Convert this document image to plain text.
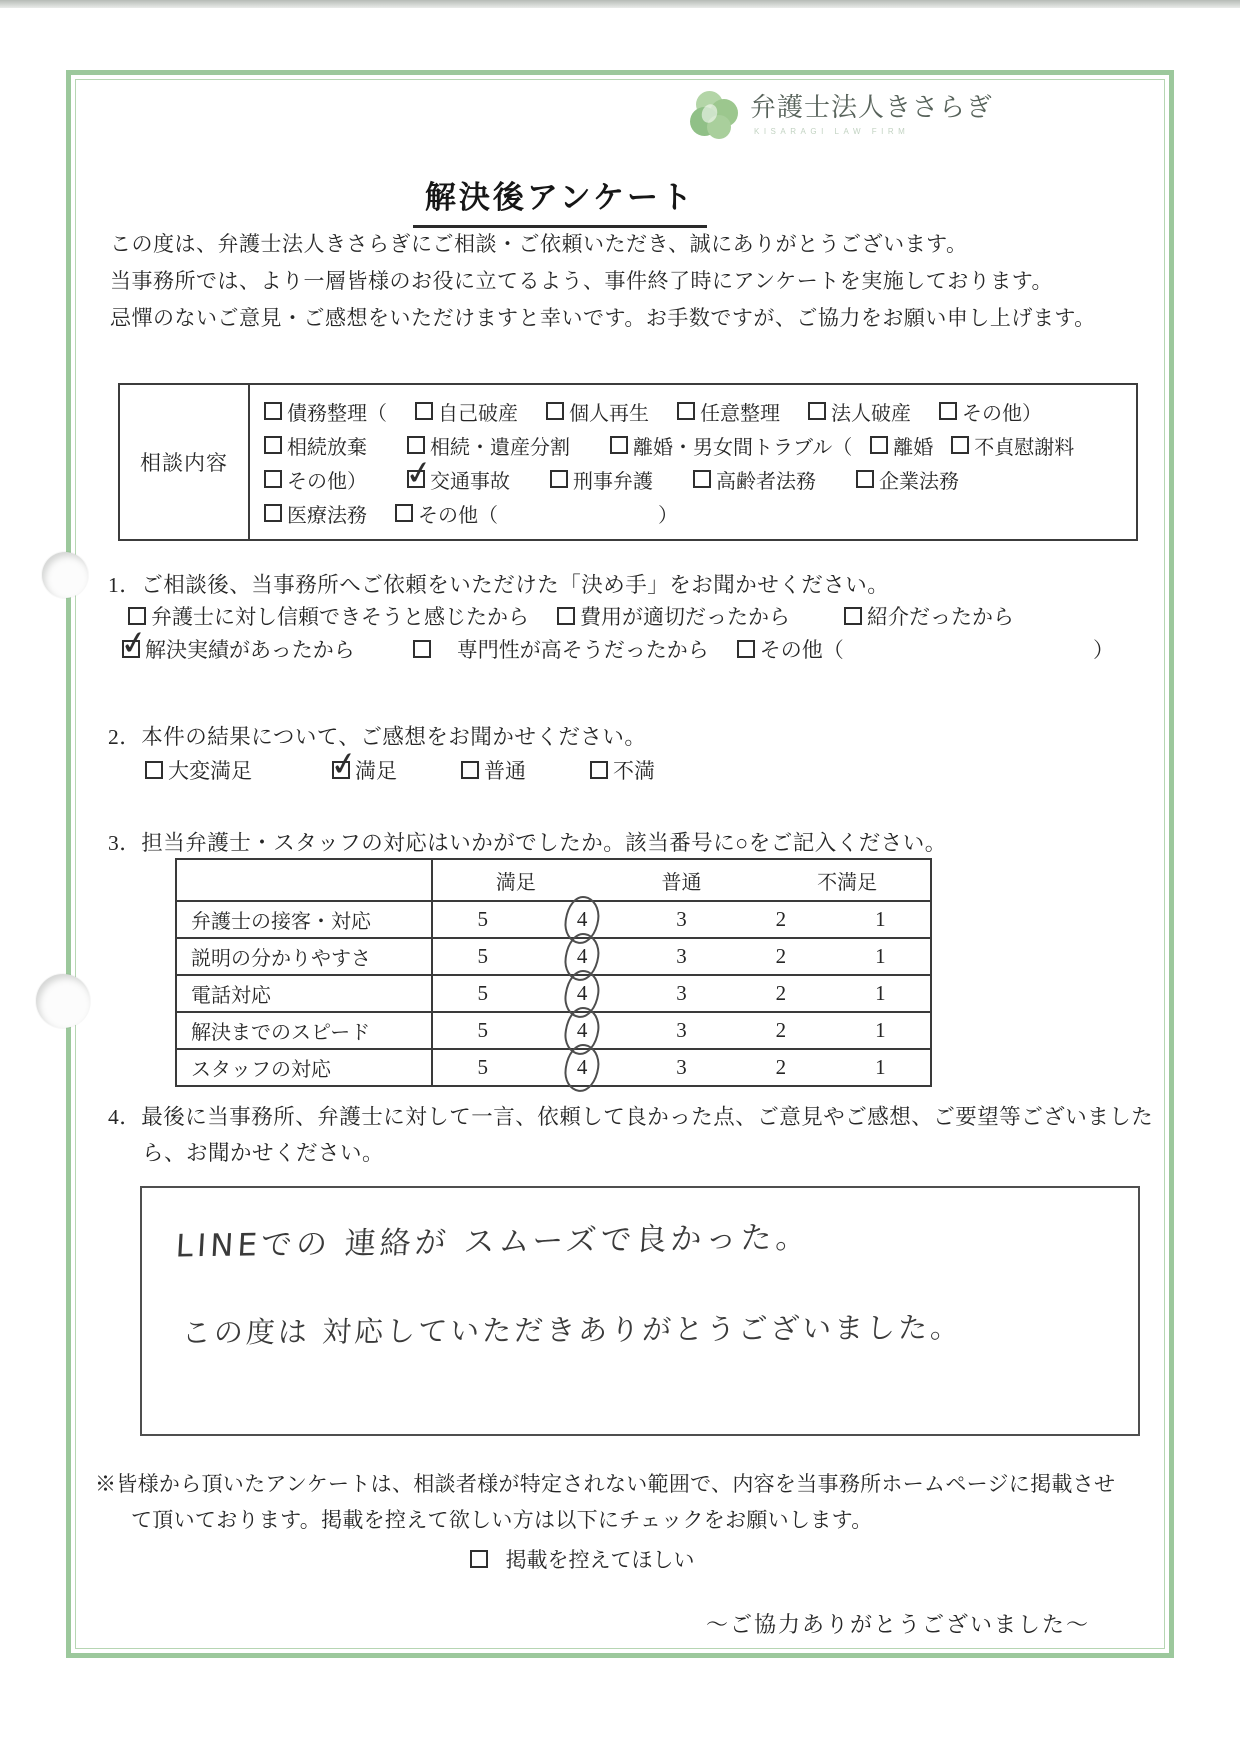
弁護士法人きさらぎ
KISARAGI LAW FIRM
解決後アンケート
この度は、弁護士法人きさらぎにご相談・ご依頼いただき、誠にありがとうございます。
当事務所では、より一層皆様のお役に立てるよう、事件終了時にアンケートを実施しております。
忌憚のないご意見・ご感想をいただけますと幸いです。お手数ですが、ご協力をお願い申し上げます。
相談内容
債務整理（	自己破産	個人再生	任意整理	法人破産	その他）
相続放棄	相続・遺産分割	離婚・男女間トラブル（ 離婚 不貞慰謝料
その他） ✓	交通事故	刑事弁護	高齢者法務	企業法務
医療法務	その他（　　　　　　　　）
1．ご相談後、当事務所へご依頼をいただけた「決め手」をお聞かせください。
弁護士に対し信頼できそうと感じたから 費用が適切だったから	紹介だったから
✓
解決実績があったから	　専門性が高そうだったから その他（	）
2．本件の結果について、ご感想をお聞かせください。
大変満足 ✓	満足	普通	不満
3．担当弁護士・スタッフの対応はいかがでしたか。該当番号に○をご記入ください。
満足	普通	不満足
弁護士の接客・対応	5	4	3	2	1
説明の分かりやすさ	5	4	3	2	1
電話対応	5	4	3	2	1
解決までのスピード	5	4	3	2	1
スタッフの対応	5	4	3	2	1
4．最後に当事務所、弁護士に対して一言、依頼して良かった点、ご意見やご感想、ご要望等ございました
ら、お聞かせください。
LINEでの 連絡が スムーズで良かった。
この度は 対応していただきありがとうございました。
※皆様から頂いたアンケートは、相談者様が特定されない範囲で、内容を当事務所ホームページに掲載させ
て頂いております。掲載を控えて欲しい方は以下にチェックをお願いします。
掲載を控えてほしい
～ご協力ありがとうございました～
